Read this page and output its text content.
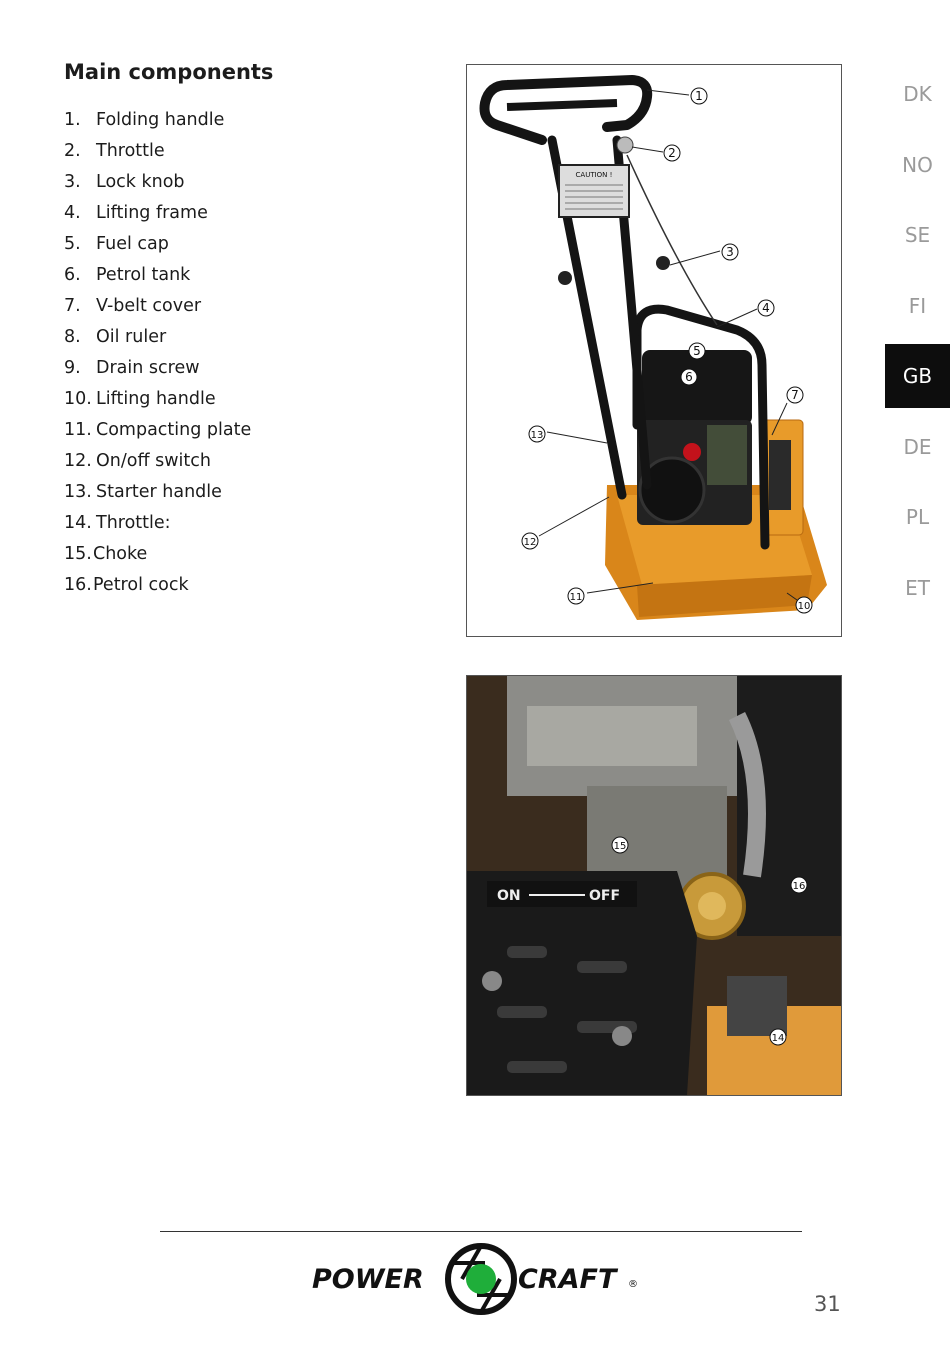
Main components
1. Folding handle
2. Throttle
3. Lock knob
4. Lifting frame
5. Fuel cap
6. Petrol tank
7. V-belt cover
8. Oil ruler
9. Drain screw
10. Lifting handle
11. Compacting plate
12. On/off switch
13. Starter handle
14. Throttle:
15.Choke
16.Petrol cock
DK
NO
SE
FI
GB
DE
PL
ET
CAUTION !
1
2
3
4
5
6
7
10
11
12
13
ON	OFF
15
16
14
POWER	CRAFT ®
31
